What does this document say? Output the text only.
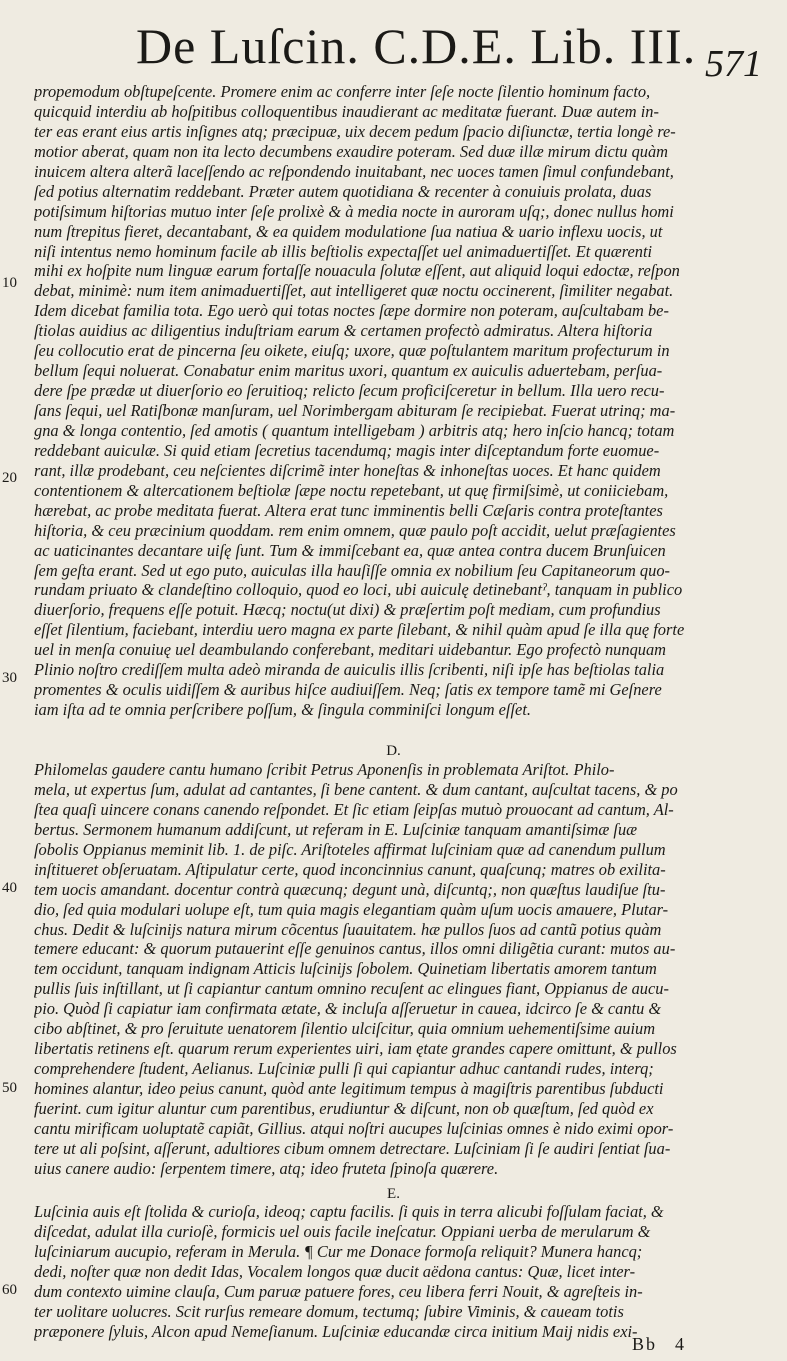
De Luſcin. C.D.E. Lib. III. 571
propemodum obſtupeſcente. Promere enim ac conferre inter ſeſe nocte ſilentio hominum facto,
quicquid interdiu ab hoſpitibus colloquentibus inaudierant ac meditatæ fuerant. Duæ autem in-
ter eas erant eius artis inſignes atq; præcipuæ, uix decem pedum ſpacio diſiunctæ, tertia longè re-
motior aberat, quam non ita lecto decumbens exaudire poteram. Sed duæ illæ mirum dictu quàm
inuicem altera alterã laceſſendo ac reſpondendo inuitabant, nec uoces tamen ſimul confundebant,
ſed potius alternatim reddebant. Præter autem quotidiana & recenter à conuiuis prolata, duas
potiſsimum hiſtorias mutuo inter ſeſe prolixè & à media nocte in auroram uſq;, donec nullus homi
num ſtrepitus fieret, decantabant, & ea quidem modulatione ſua natiua & uario inflexu uocis, ut
niſi intentus nemo hominum facile ab illis beſtiolis expectaſſet uel animaduertiſſet. Et quærenti
mihi ex hoſpite num linguæ earum fortaſſe nouacula ſolutæ eſſent, aut aliquid loqui edoctæ, reſpon
debat, minimè: num item animaduertiſſet, aut intelligeret quæ noctu occinerent, ſimiliter negabat.
Idem dicebat familia tota. Ego uerò qui totas noctes ſæpe dormire non poteram, auſcultabam be-
ſtiolas auidius ac diligentius induſtriam earum & certamen profectò admiratus. Altera hiſtoria
ſeu collocutio erat de pincerna ſeu oikete, eiuſq; uxore, quæ poſtulantem maritum profecturum in
bellum ſequi noluerat. Conabatur enim maritus uxori, quantum ex auiculis aduertebam, perſua-
dere ſpe prædæ ut diuerſorio eo ſeruitioq; relicto ſecum proficiſceretur in bellum. Illa uero recu-
ſans ſequi, uel Ratiſbonæ manſuram, uel Norimbergam abituram ſe recipiebat. Fuerat utrinq; ma-
gna & longa contentio, ſed amotis ( quantum intelligebam ) arbitris atq; hero inſcio hancq; totam
reddebant auiculæ. Si quid etiam ſecretius tacendumq; magis inter diſceptandum forte euomue-
rant, illæ prodebant, ceu neſcientes diſcrimẽ inter honeſtas & inhoneſtas uoces. Et hanc quidem
contentionem & altercationem beſtiolæ ſæpe noctu repetebant, ut quę firmiſsimè, ut coniiciebam,
hærebat, ac probe meditata fuerat. Altera erat tunc imminentis belli Cæſaris contra proteſtantes
hiſtoria, & ceu præcinium quoddam. rem enim omnem, quæ paulo poſt accidit, uelut præſagientes
ac uaticinantes decantare uiſę ſunt. Tum & immiſcebant ea, quæ antea contra ducem Brunſuicen
ſem geſta erant. Sed ut ego puto, auiculas illa hauſiſſe omnia ex nobilium ſeu Capitaneorum quo-
rundam priuato & clandeſtino colloquio, quod eo loci, ubi auiculę detinebantˀ, tanquam in publico
diuerſorio, frequens eſſe potuit. Hæcq; noctu(ut dixi) & præſertim poſt mediam, cum profundius
eſſet ſilentium, faciebant, interdiu uero magna ex parte ſilebant, & nihil quàm apud ſe illa quę forte
uel in menſa conuiuę uel deambulando conferebant, meditari uidebantur. Ego profectò nunquam
Plinio noſtro crediſſem multa adeò miranda de auiculis illis ſcribenti, niſi ipſe has beſtiolas talia
promentes & oculis uidiſſem & auribus hiſce audiuiſſem. Neq; ſatis ex tempore tamẽ mi Geſnere
iam iſta ad te omnia perſcribere poſſum, & ſingula comminiſci longum eſſet.
D.
Philomelas gaudere cantu humano ſcribit Petrus Aponenſis in problemata Ariſtot. Philo-
mela, ut expertus ſum, adulat ad cantantes, ſi bene cantent. & dum cantant, auſcultat tacens, & po
ſtea quaſi uincere conans canendo reſpondet. Et ſic etiam ſeipſas mutuò prouocant ad cantum, Al-
bertus. Sermonem humanum addiſcunt, ut referam in E. Luſciniæ tanquam amantiſsimæ ſuæ
ſobolis Oppianus meminit lib. 1. de piſc. Ariſtoteles affirmat luſciniam quæ ad canendum pullum
inſtitueret obſeruatam. Aſtipulatur certe, quod inconcinnius canunt, quaſcunq; matres ob exilita-
tem uocis amandant. docentur contrà quæcunq; degunt unà, diſcuntq;, non quæſtus laudiſue ſtu-
dio, ſed quia modulari uolupe eſt, tum quia magis elegantiam quàm uſum uocis amauere, Plutar-
chus. Dedit & luſcinijs natura mirum cõcentus ſuauitatem. hæ pullos ſuos ad cantũ potius quàm
temere educant: & quorum putauerint eſſe genuinos cantus, illos omni diligẽtia curant: mutos au-
tem occidunt, tanquam indignam Atticis luſcinijs ſobolem. Quinetiam libertatis amorem tantum
pullis ſuis inſtillant, ut ſi capiantur cantum omnino recuſent ac elingues fiant, Oppianus de aucu-
pio. Quòd ſi capiatur iam confirmata ætate, & incluſa aſſeruetur in cauea, idcirco ſe & cantu &
cibo abſtinet, & pro ſeruitute uenatorem ſilentio ulciſcitur, quia omnium uehementiſsime auium
libertatis retinens eſt. quarum rerum experientes uiri, iam ętate grandes capere omittunt, & pullos
comprehendere ſtudent, Aelianus. Luſciniæ pulli ſi qui capiantur adhuc cantandi rudes, interq;
homines alantur, ideo peius canunt, quòd ante legitimum tempus à magiſtris parentibus ſubducti
fuerint. cum igitur aluntur cum parentibus, erudiuntur & diſcunt, non ob quæſtum, ſed quòd ex
cantu mirificam uoluptatẽ capiãt, Gillius. atqui noſtri aucupes luſcinias omnes è nido eximi opor-
tere ut ali poſsint, aſſerunt, adultiores cibum omnem detrectare. Luſciniam ſi ſe audiri ſentiat ſua-
uius canere audio: ſerpentem timere, atq; ideo fruteta ſpinoſa quærere.
E.
Luſcinia auis eſt ſtolida & curioſa, ideoq; captu facilis. ſi quis in terra alicubi foſſulam faciat, &
diſcedat, adulat illa curioſè, formicis uel ouis facile ineſcatur. Oppiani uerba de merularum &
luſciniarum aucupio, referam in Merula. ¶ Cur me Donace formoſa reliquit? Munera hancq;
dedi, noſter quæ non dedit Idas, Vocalem longos quæ ducit aëdona cantus: Quæ, licet inter-
dum contexto uimine clauſa, Cum paruæ patuere fores, ceu libera ferri Nouit, & agreſteis in-
ter uolitare uolucres. Scit rurſus remeare domum, tectumq; ſubire Viminis, & caueam totis
præponere ſyluis, Alcon apud Nemeſianum. Luſciniæ educandæ circa initium Maij nidis exi-
10
20
30
40
50
60
Bb 4
